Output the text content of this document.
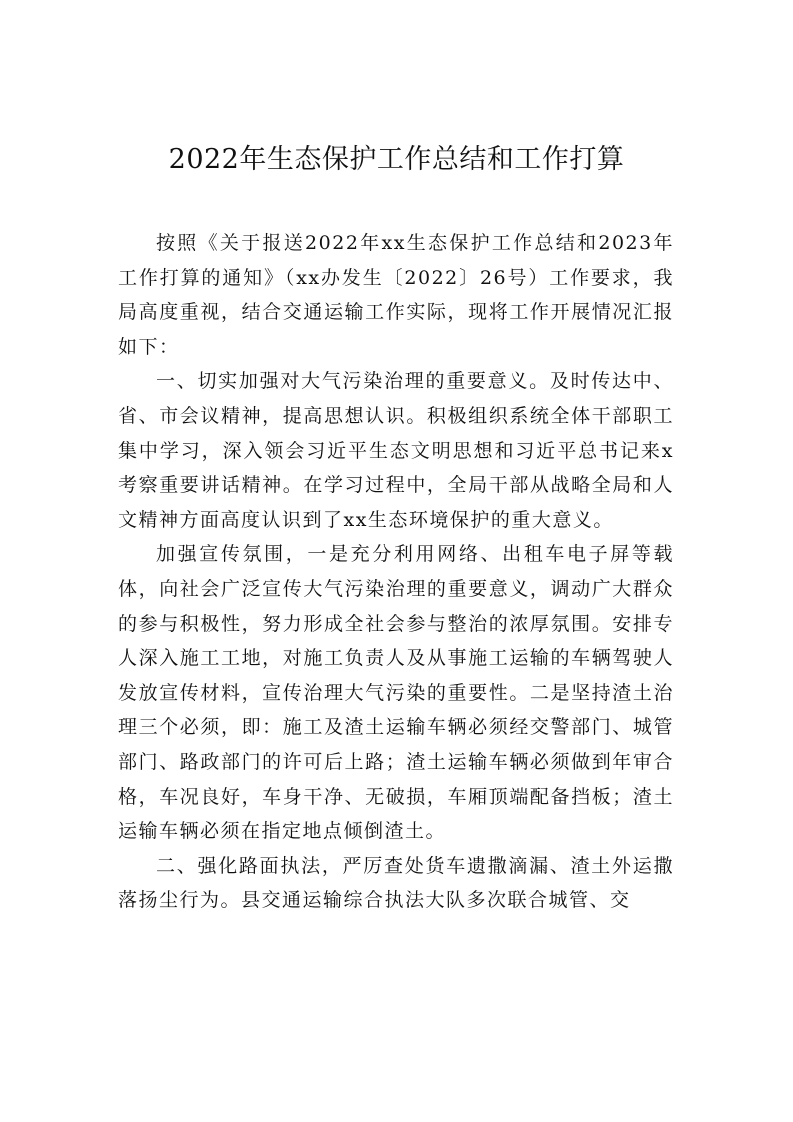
2022年生态保护工作总结和工作打算

按照《关于报送2022年xx生态保护工作总结和2023年工作打算的通知》（xx办发生〔2022〕26号）工作要求，我局高度重视，结合交通运输工作实际，现将工作开展情况汇报如下：

一、切实加强对大气污染治理的重要意义。及时传达中、省、市会议精神，提高思想认识。积极组织系统全体干部职工集中学习，深入领会习近平生态文明思想和习近平总书记来x考察重要讲话精神。在学习过程中，全局干部从战略全局和人文精神方面高度认识到了xx生态环境保护的重大意义。

加强宣传氛围，一是充分利用网络、出租车电子屏等载体，向社会广泛宣传大气污染治理的重要意义，调动广大群众的参与积极性，努力形成全社会参与整治的浓厚氛围。安排专人深入施工工地，对施工负责人及从事施工运输的车辆驾驶人发放宣传材料，宣传治理大气污染的重要性。二是坚持渣土治理三个必须，即：施工及渣土运输车辆必须经交警部门、城管部门、路政部门的许可后上路；渣土运输车辆必须做到年审合格，车况良好，车身干净、无破损，车厢顶端配备挡板；渣土运输车辆必须在指定地点倾倒渣土。

二、强化路面执法，严厉查处货车遗撒滴漏、渣土外运撒落扬尘行为。县交通运输综合执法大队多次联合城管、交
